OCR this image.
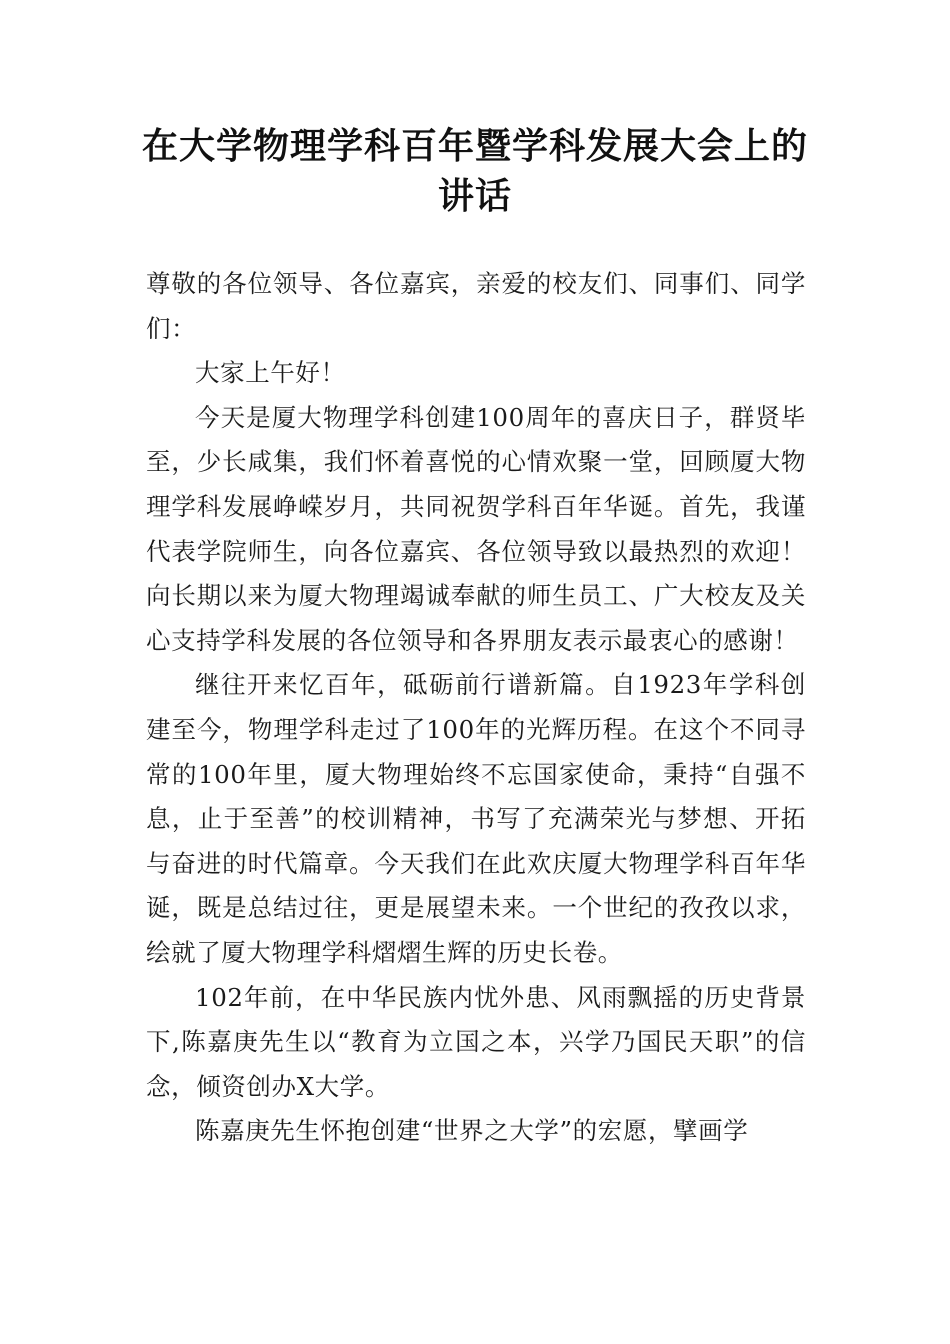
在大学物理学科百年暨学科发展大会上的
讲话

尊敬的各位领导、各位嘉宾，亲爱的校友们、同事们、同学们：

大家上午好！

今天是厦大物理学科创建100周年的喜庆日子，群贤毕至，少长咸集，我们怀着喜悦的心情欢聚一堂，回顾厦大物理学科发展峥嵘岁月，共同祝贺学科百年华诞。首先，我谨代表学院师生，向各位嘉宾、各位领导致以最热烈的欢迎！向长期以来为厦大物理竭诚奉献的师生员工、广大校友及关心支持学科发展的各位领导和各界朋友表示最衷心的感谢！

继往开来忆百年，砥砺前行谱新篇。自1923年学科创建至今，物理学科走过了100年的光辉历程。在这个不同寻常的100年里，厦大物理始终不忘国家使命，秉持“自强不息，止于至善”的校训精神，书写了充满荣光与梦想、开拓与奋进的时代篇章。今天我们在此欢庆厦大物理学科百年华诞，既是总结过往，更是展望未来。一个世纪的孜孜以求，绘就了厦大物理学科熠熠生辉的历史长卷。

102年前，在中华民族内忧外患、风雨飘摇的历史背景下,陈嘉庚先生以“教育为立国之本，兴学乃国民天职”的信念，倾资创办X大学。

陈嘉庚先生怀抱创建“世界之大学”的宏愿，擘画学
